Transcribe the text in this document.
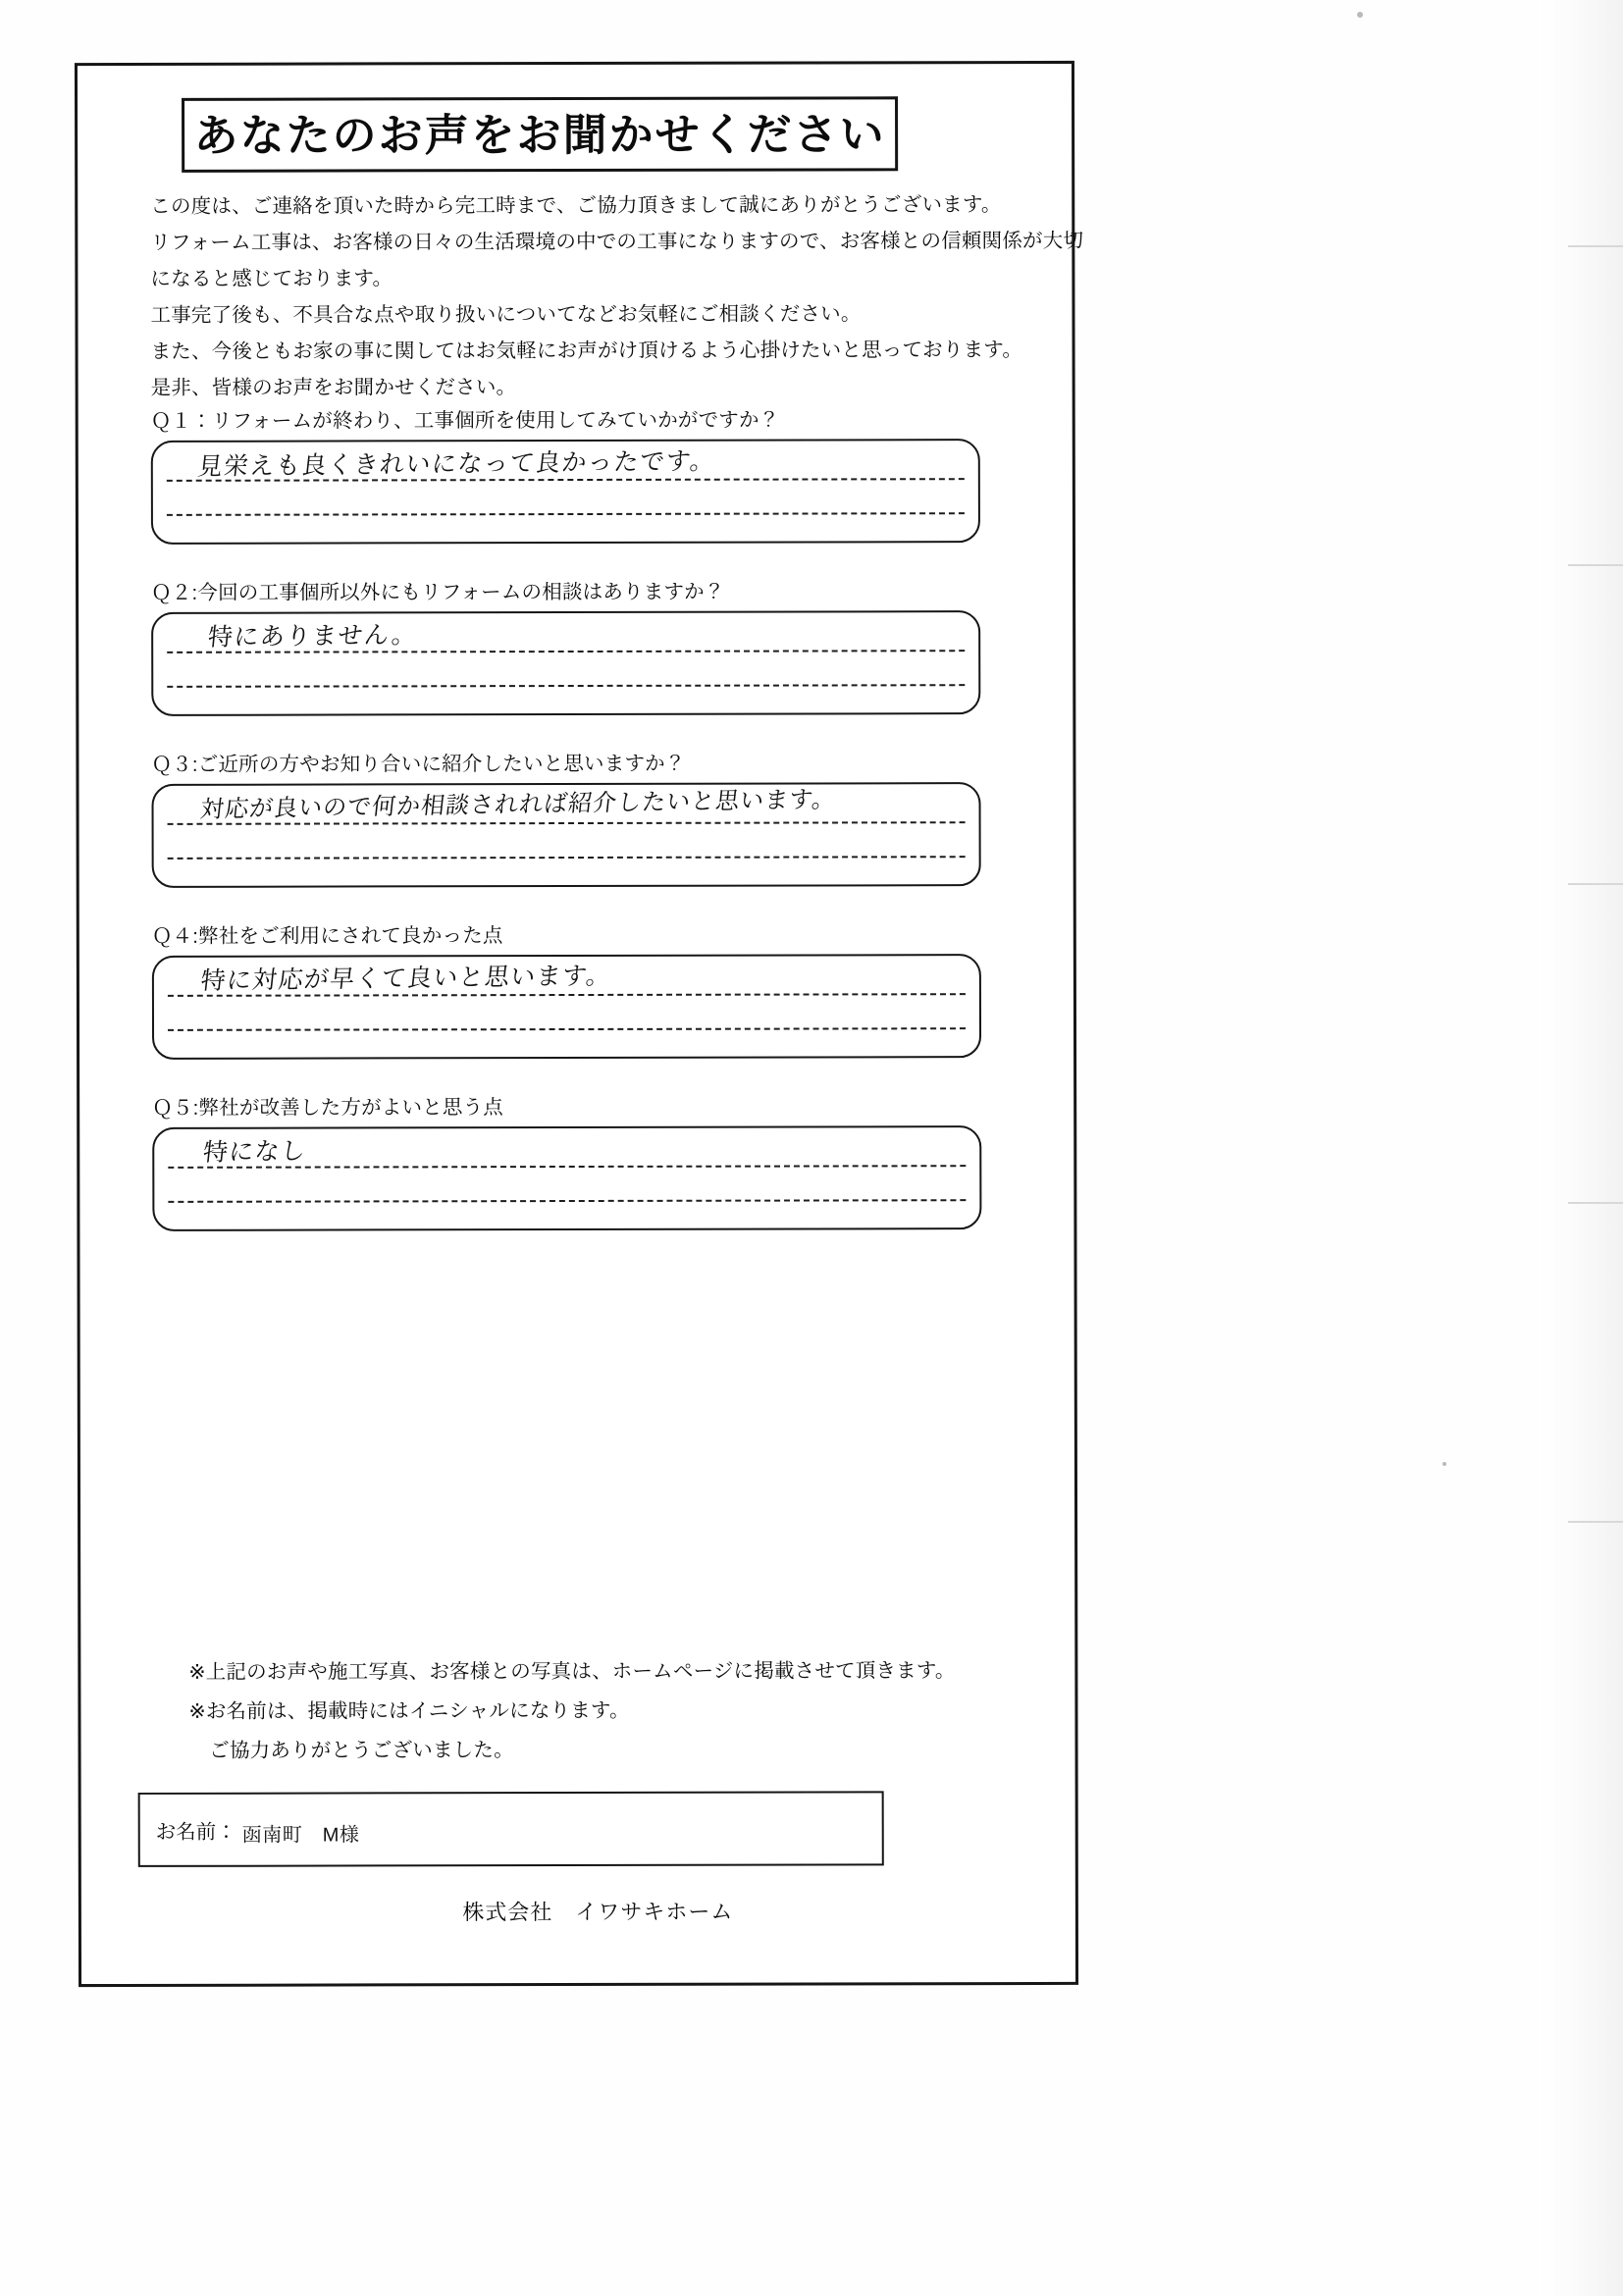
あなたのお声をお聞かせください
この度は、ご連絡を頂いた時から完工時まで、ご協力頂きまして誠にありがとうございます。
リフォーム工事は、お客様の日々の生活環境の中での工事になりますので、お客様との信頼関係が大切
になると感じております。
工事完了後も、不具合な点や取り扱いについてなどお気軽にご相談ください。
また、今後ともお家の事に関してはお気軽にお声がけ頂けるよう心掛けたいと思っております。
是非、皆様のお声をお聞かせください。
Ｑ１：リフォームが終わり、工事個所を使用してみていかがですか？
見栄えも良くきれいになって良かったです。
Ｑ２:今回の工事個所以外にもリフォームの相談はありますか？
特にありません。
Ｑ３:ご近所の方やお知り合いに紹介したいと思いますか？
対応が良いので何か相談されれば紹介したいと思います。
Ｑ４:弊社をご利用にされて良かった点
特に対応が早くて良いと思います。
Ｑ５:弊社が改善した方がよいと思う点
特になし
※上記のお声や施工写真、お客様との写真は、ホームページに掲載させて頂きます。
※お名前は、掲載時にはイニシャルになります。
　ご協力ありがとうございました。
お名前： 函南町　М様
株式会社　イワサキホーム
